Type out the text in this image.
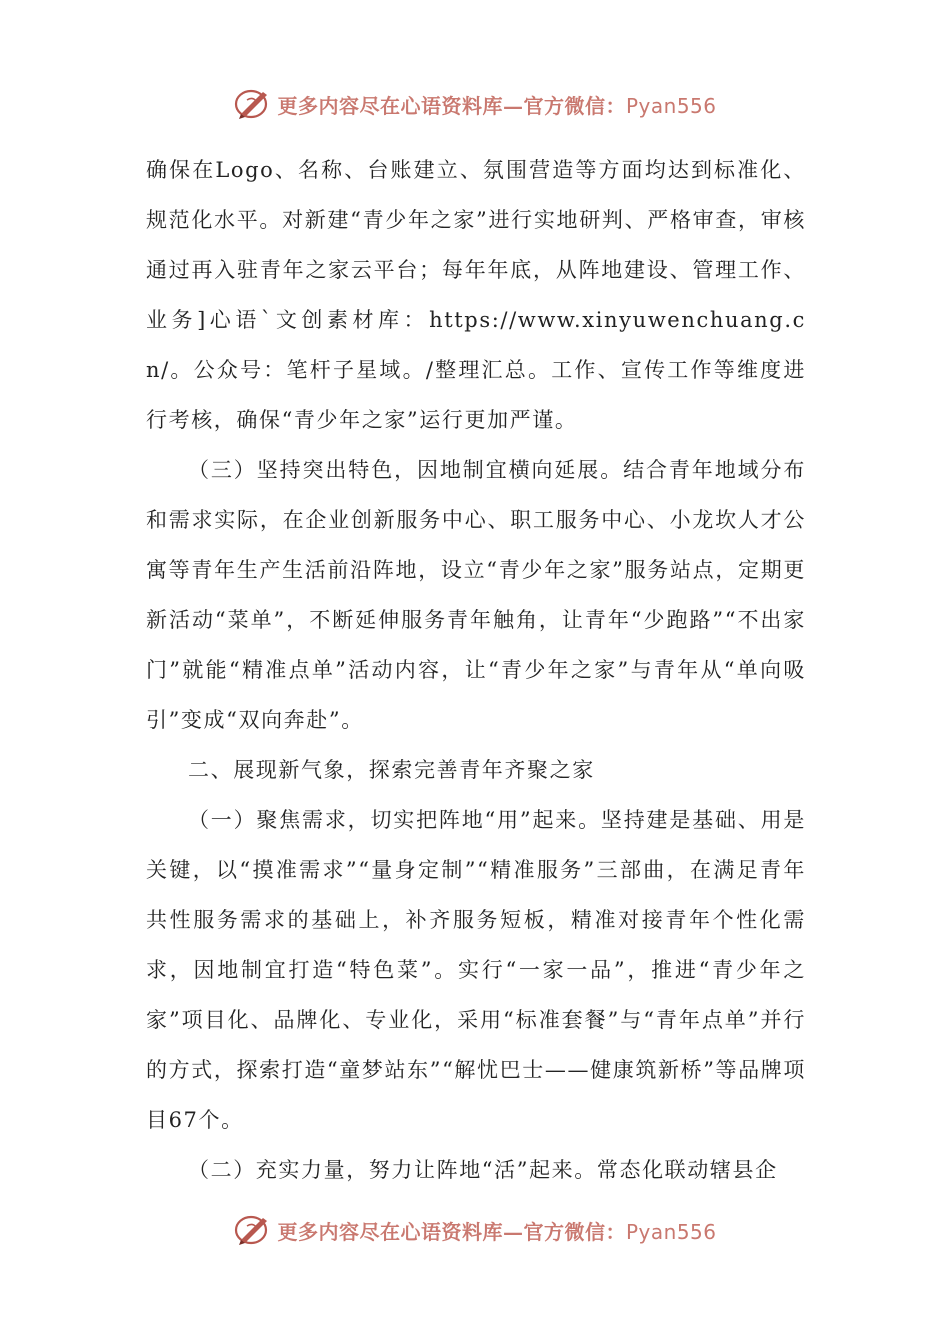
更多内容尽在心语资料库—官方微信：Pyan556

确保在Logo、名称、台账建立、氛围营造等方面均达到标准化、规范化水平。对新建“青少年之家”进行实地研判、严格审查，审核通过再入驻青年之家云平台；每年年底，从阵地建设、管理工作、业务]心语`文创素材库：https://www.xinyuwenchuang.cn/。公众号：笔杆子星域。/整理汇总。工作、宣传工作等维度进行考核，确保“青少年之家”运行更加严谨。

（三）坚持突出特色，因地制宜横向延展。结合青年地域分布和需求实际，在企业创新服务中心、职工服务中心、小龙坎人才公寓等青年生产生活前沿阵地，设立“青少年之家”服务站点，定期更新活动“菜单”，不断延伸服务青年触角，让青年“少跑路”“不出家门”就能“精准点单”活动内容，让“青少年之家”与青年从“单向吸引”变成“双向奔赴”。

二、展现新气象，探索完善青年齐聚之家

（一）聚焦需求，切实把阵地“用”起来。坚持建是基础、用是关键，以“摸准需求”“量身定制”“精准服务”三部曲，在满足青年共性服务需求的基础上，补齐服务短板，精准对接青年个性化需求，因地制宜打造“特色菜”。实行“一家一品”，推进“青少年之家”项目化、品牌化、专业化，采用“标准套餐”与“青年点单”并行的方式，探索打造“童梦站东”“解忧巴士——健康筑新桥”等品牌项目67个。

（二）充实力量，努力让阵地“活”起来。常态化联动辖县企

更多内容尽在心语资料库—官方微信：Pyan556
